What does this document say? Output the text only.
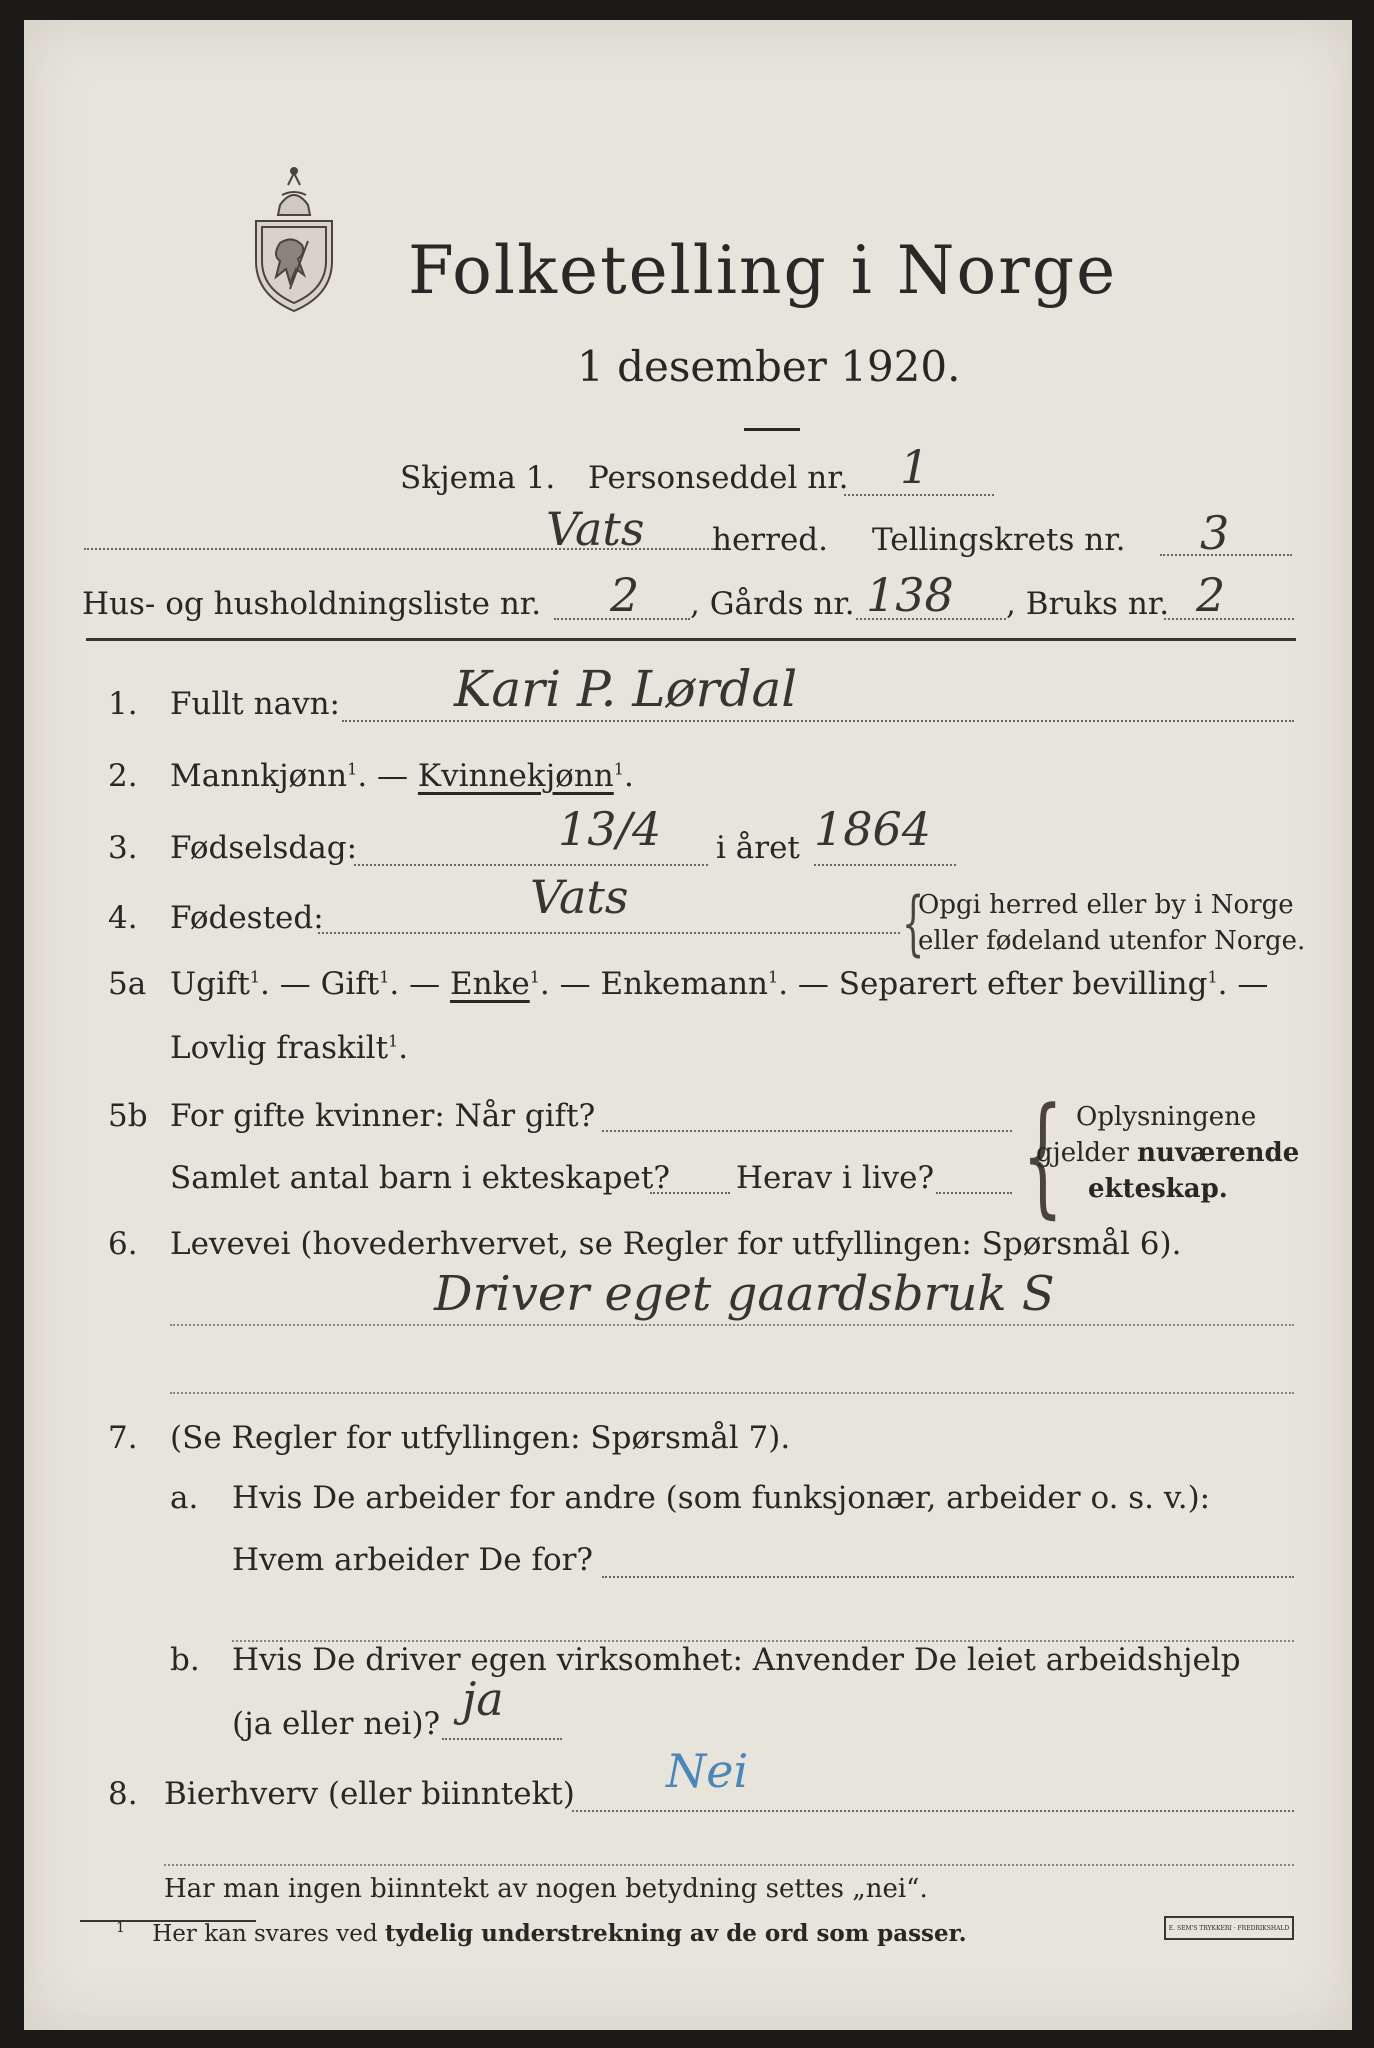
Folketelling i Norge
1 desember 1920.
Skjema 1. Personseddel nr. 1
Vats herred. Tellingskrets nr. 3
Hus- og husholdningsliste nr. 2 , Gårds nr. 138 , Bruks nr. 2
1. Fullt navn: Kari P. Lørdal
2. Mannkjønn$^1$. — Kvinnekjønn$^1$.
3. Fødselsdag:	13/4 i året 1864
4. Fødested:	Vats	{
Opgi herred eller by i Norge
eller fødeland utenfor Norge.
5a Ugift$^1$. — Gift$^1$. — Enke$^1$. — Enkemann$^1$. — Separert efter bevilling$^1$. —
Lovlig fraskilt$^1$.
5b For gifte kvinner: Når gift?
Samlet antal barn i ekteskapet? Herav i live? { Oplysningene
gjelder nuværende
ekteskap.
6. Levevei (hovederhvervet, se Regler for utfyllingen: Spørsmål 6).
Driver eget gaardsbruk S
7. (Se Regler for utfyllingen: Spørsmål 7).
a. Hvis De arbeider for andre (som funksjonær, arbeider o. s. v.):
Hvem arbeider De for?
b. Hvis De driver egen virksomhet: Anvender De leiet arbeidshjelp
(ja eller nei)? ja
8. Bierhverv (eller biinntekt) Nei
Har man ingen biinntekt av nogen betydning settes „nei“.
$^1$ Her kan svares ved tydelig understrekning av de ord som passer.	E. SEM'S TRYKKERI · FREDRIKSHALD
